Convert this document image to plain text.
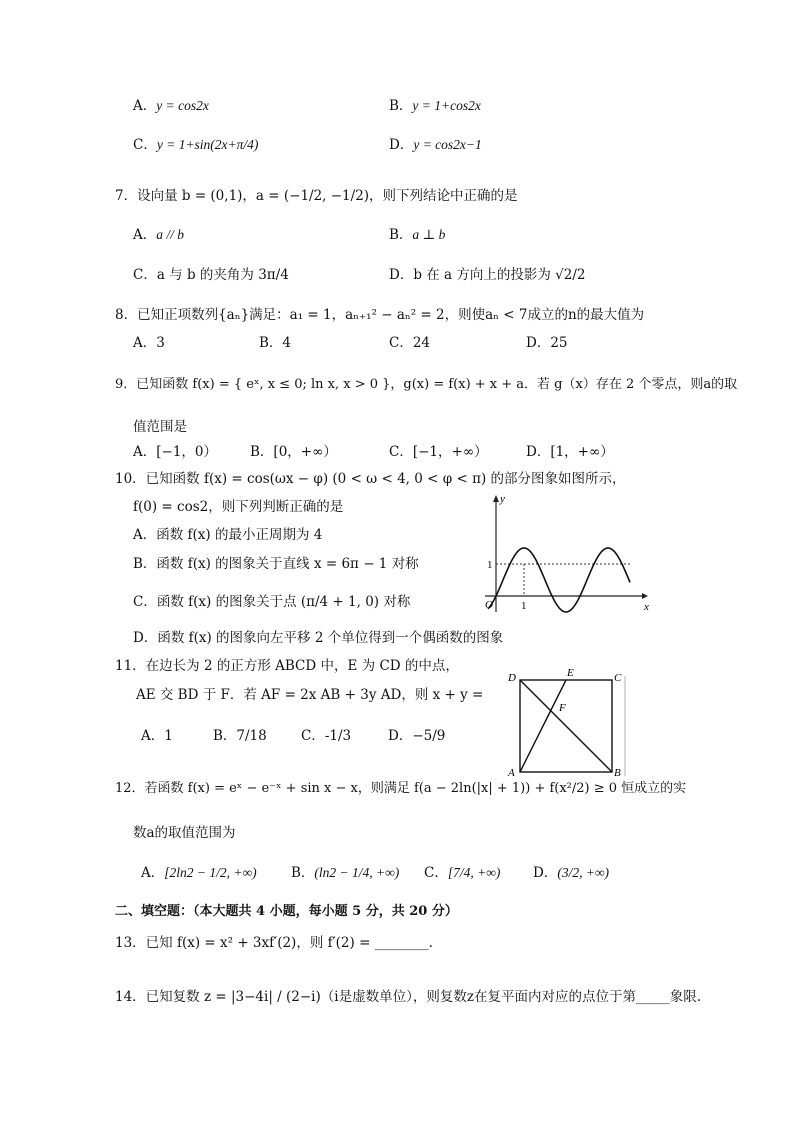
A．y = cos2x	B．y = 1+cos2x
C．y = 1+sin(2x+π/4)	D．y = cos2x−1
7．设向量 b = (0,1)，a = (−1/2, −1/2)，则下列结论中正确的是
A．a // b	B．a ⊥ b
C．a 与 b 的夹角为 3π/4	D．b 在 a 方向上的投影为 √2/2
8．已知正项数列{aₙ}满足：a₁ = 1，aₙ₊₁² − aₙ² = 2，则使aₙ < 7成立的n的最大值为
A．3	B．4	C．24	D．25
9．已知函数 f(x) = { eˣ, x ≤ 0; ln x, x > 0 }，g(x) = f(x) + x + a．若 g（x）存在 2 个零点，则a的取
值范围是
A．[−1，0） B．[0，+∞）	C．[−1，+∞）	D．[1，+∞）
10．已知函数 f(x) = cos(ωx − φ) (0 < ω < 4, 0 < φ < π) 的部分图象如图所示，
f(0) = cos2，则下列判断正确的是
A．函数 f(x) 的最小正周期为 4
B．函数 f(x) 的图象关于直线 x = 6π − 1 对称
C．函数 f(x) 的图象关于点 (π/4 + 1, 0) 对称
D．函数 f(x) 的图象向左平移 2 个单位得到一个偶函数的图象
y
x
O
1
1
11．在边长为 2 的正方形 ABCD 中，E 为 CD 的中点，
AE 交 BD 于 F．若 AF = 2x AB + 3y AD，则 x + y =
A．1	B．7/18	C．-1/3	D．−5/9
D	E	C
F
A	B
12．若函数 f(x) = eˣ − e⁻ˣ + sin x − x，则满足 f(a − 2ln(|x| + 1)) + f(x²/2) ≥ 0 恒成立的实
数a的取值范围为
A．[2ln2 − 1/2, +∞)	B．(ln2 − 1/4, +∞) C．[7/4, +∞) D．(3/2, +∞)
二、填空题：（本大题共 4 小题，每小题 5 分，共 20 分）
13．已知 f(x) = x² + 3xf′(2)，则 f′(2) = ________.
14．已知复数 z = |3−4i| / (2−i)（i是虚数单位），则复数z在复平面内对应的点位于第_____象限.
